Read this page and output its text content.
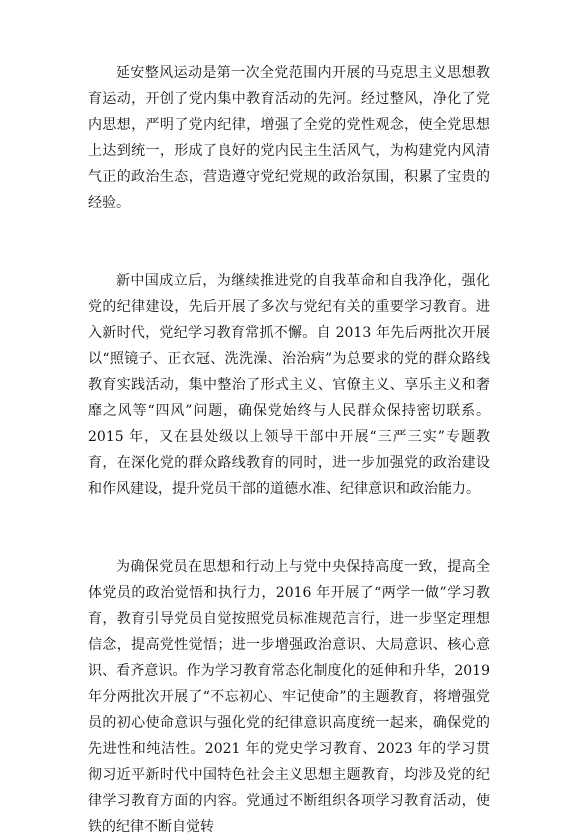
延安整风运动是第一次全党范围内开展的马克思主义思想教育运动，开创了党内集中教育活动的先河。经过整风，净化了党内思想，严明了党内纪律，增强了全党的党性观念，使全党思想上达到统一，形成了良好的党内民主生活风气，为构建党内风清气正的政治生态，营造遵守党纪党规的政治氛围，积累了宝贵的经验。

新中国成立后，为继续推进党的自我革命和自我净化，强化党的纪律建设，先后开展了多次与党纪有关的重要学习教育。进入新时代，党纪学习教育常抓不懈。自 2013 年先后两批次开展以“照镜子、正衣冠、洗洗澡、治治病”为总要求的党的群众路线教育实践活动，集中整治了形式主义、官僚主义、享乐主义和奢靡之风等“四风”问题，确保党始终与人民群众保持密切联系。2015 年，又在县处级以上领导干部中开展“三严三实”专题教育，在深化党的群众路线教育的同时，进一步加强党的政治建设和作风建设，提升党员干部的道德水准、纪律意识和政治能力。

为确保党员在思想和行动上与党中央保持高度一致，提高全体党员的政治觉悟和执行力，2016 年开展了“两学一做”学习教育，教育引导党员自觉按照党员标准规范言行，进一步坚定理想信念，提高党性觉悟；进一步增强政治意识、大局意识、核心意识、看齐意识。作为学习教育常态化制度化的延伸和升华，2019 年分两批次开展了“不忘初心、牢记使命”的主题教育，将增强党员的初心使命意识与强化党的纪律意识高度统一起来，确保党的先进性和纯洁性。2021 年的党史学习教育、2023 年的学习贯彻习近平新时代中国特色社会主义思想主题教育，均涉及党的纪律学习教育方面的内容。党通过不断组织各项学习教育活动，使铁的纪律不断自觉转
